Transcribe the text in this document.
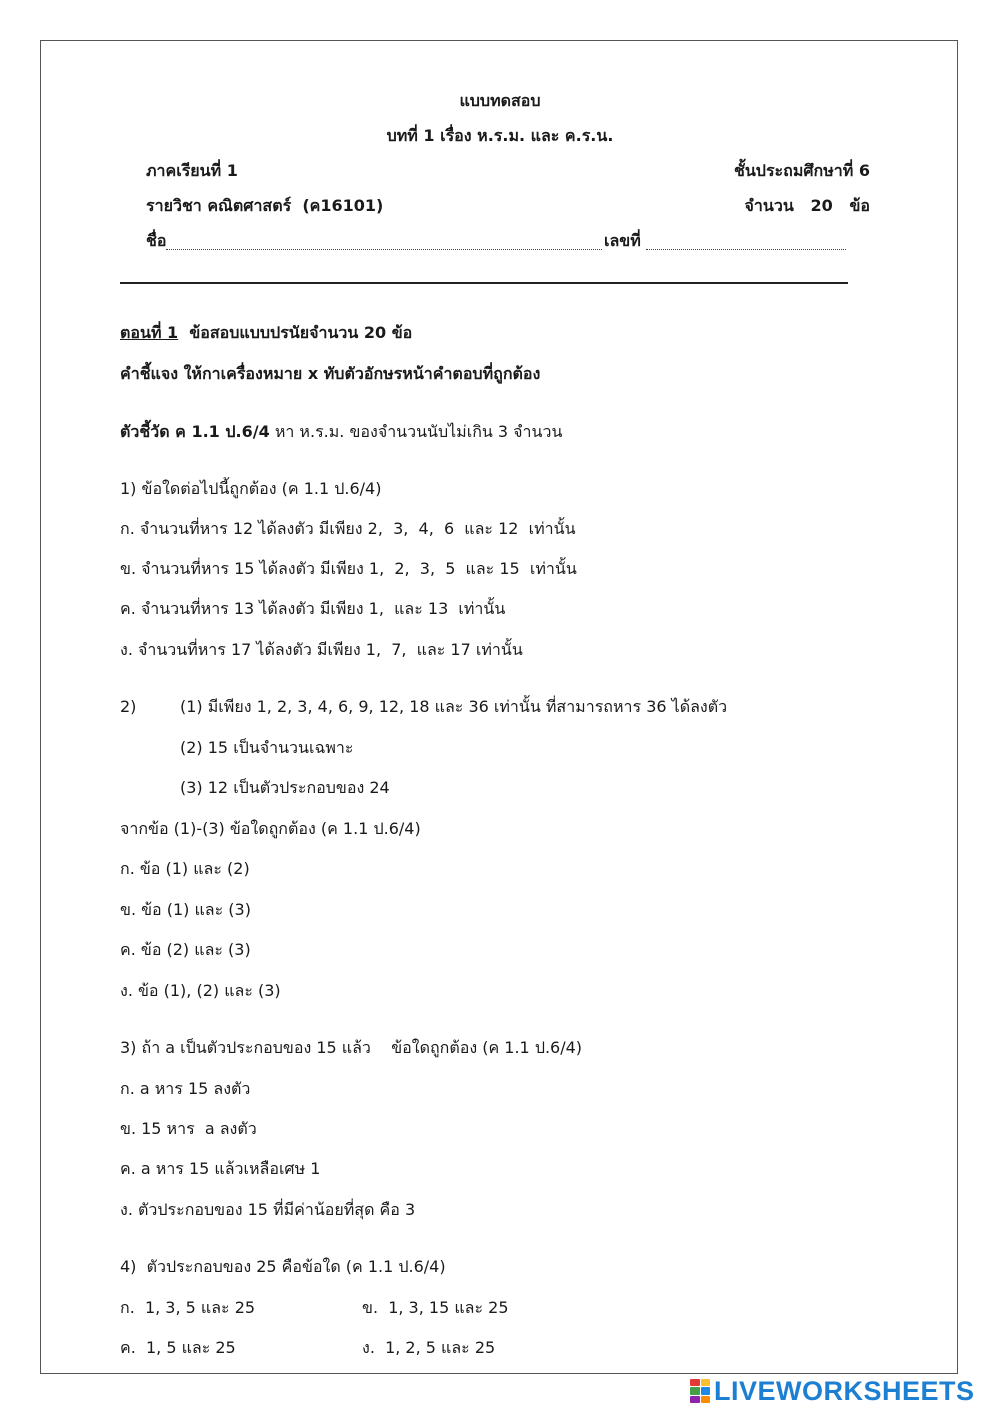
แบบทดสอบ
บทที่ 1 เรื่อง ห.ร.ม. และ ค.ร.น.
ภาคเรียนที่ 1	ชั้นประถมศึกษาที่ 6
รายวิชา คณิตศาสตร์  (ค16101)	จำนวน   20   ข้อ
ชื่อ	เลขที่
ตอนที่ 1 ข้อสอบแบบปรนัยจำนวน 20 ข้อ
คำชี้แจง ให้กาเครื่องหมาย x ทับตัวอักษรหน้าคำตอบที่ถูกต้อง
ตัวชี้วัด ค 1.1 ป.6/4 หา ห.ร.ม. ของจำนวนนับไม่เกิน 3 จำนวน
1) ข้อใดต่อไปนี้ถูกต้อง (ค 1.1 ป.6/4)
ก. จำนวนที่หาร 12 ได้ลงตัว มีเพียง 2,  3,  4,  6  และ 12  เท่านั้น
ข. จำนวนที่หาร 15 ได้ลงตัว มีเพียง 1,  2,  3,  5  และ 15  เท่านั้น
ค. จำนวนที่หาร 13 ได้ลงตัว มีเพียง 1,  และ 13  เท่านั้น
ง. จำนวนที่หาร 17 ได้ลงตัว มีเพียง 1,  7,  และ 17 เท่านั้น
2)	(1) มีเพียง 1, 2, 3, 4, 6, 9, 12, 18 และ 36 เท่านั้น ที่สามารถหาร 36 ได้ลงตัว
(2) 15 เป็นจำนวนเฉพาะ
(3) 12 เป็นตัวประกอบของ 24
จากข้อ (1)-(3) ข้อใดถูกต้อง (ค 1.1 ป.6/4)
ก. ข้อ (1) และ (2)
ข. ข้อ (1) และ (3)
ค. ข้อ (2) และ (3)
ง. ข้อ (1), (2) และ (3)
3) ถ้า a เป็นตัวประกอบของ 15 แล้ว    ข้อใดถูกต้อง (ค 1.1 ป.6/4)
ก. a หาร 15 ลงตัว
ข. 15 หาร  a ลงตัว
ค. a หาร 15 แล้วเหลือเศษ 1
ง. ตัวประกอบของ 15 ที่มีค่าน้อยที่สุด คือ 3
4)  ตัวประกอบของ 25 คือข้อใด (ค 1.1 ป.6/4)
ก.  1, 3, 5 และ 25	ข.  1, 3, 15 และ 25
ค.  1, 5 และ 25	ง.  1, 2, 5 และ 25
LIVEWORKSHEETS
